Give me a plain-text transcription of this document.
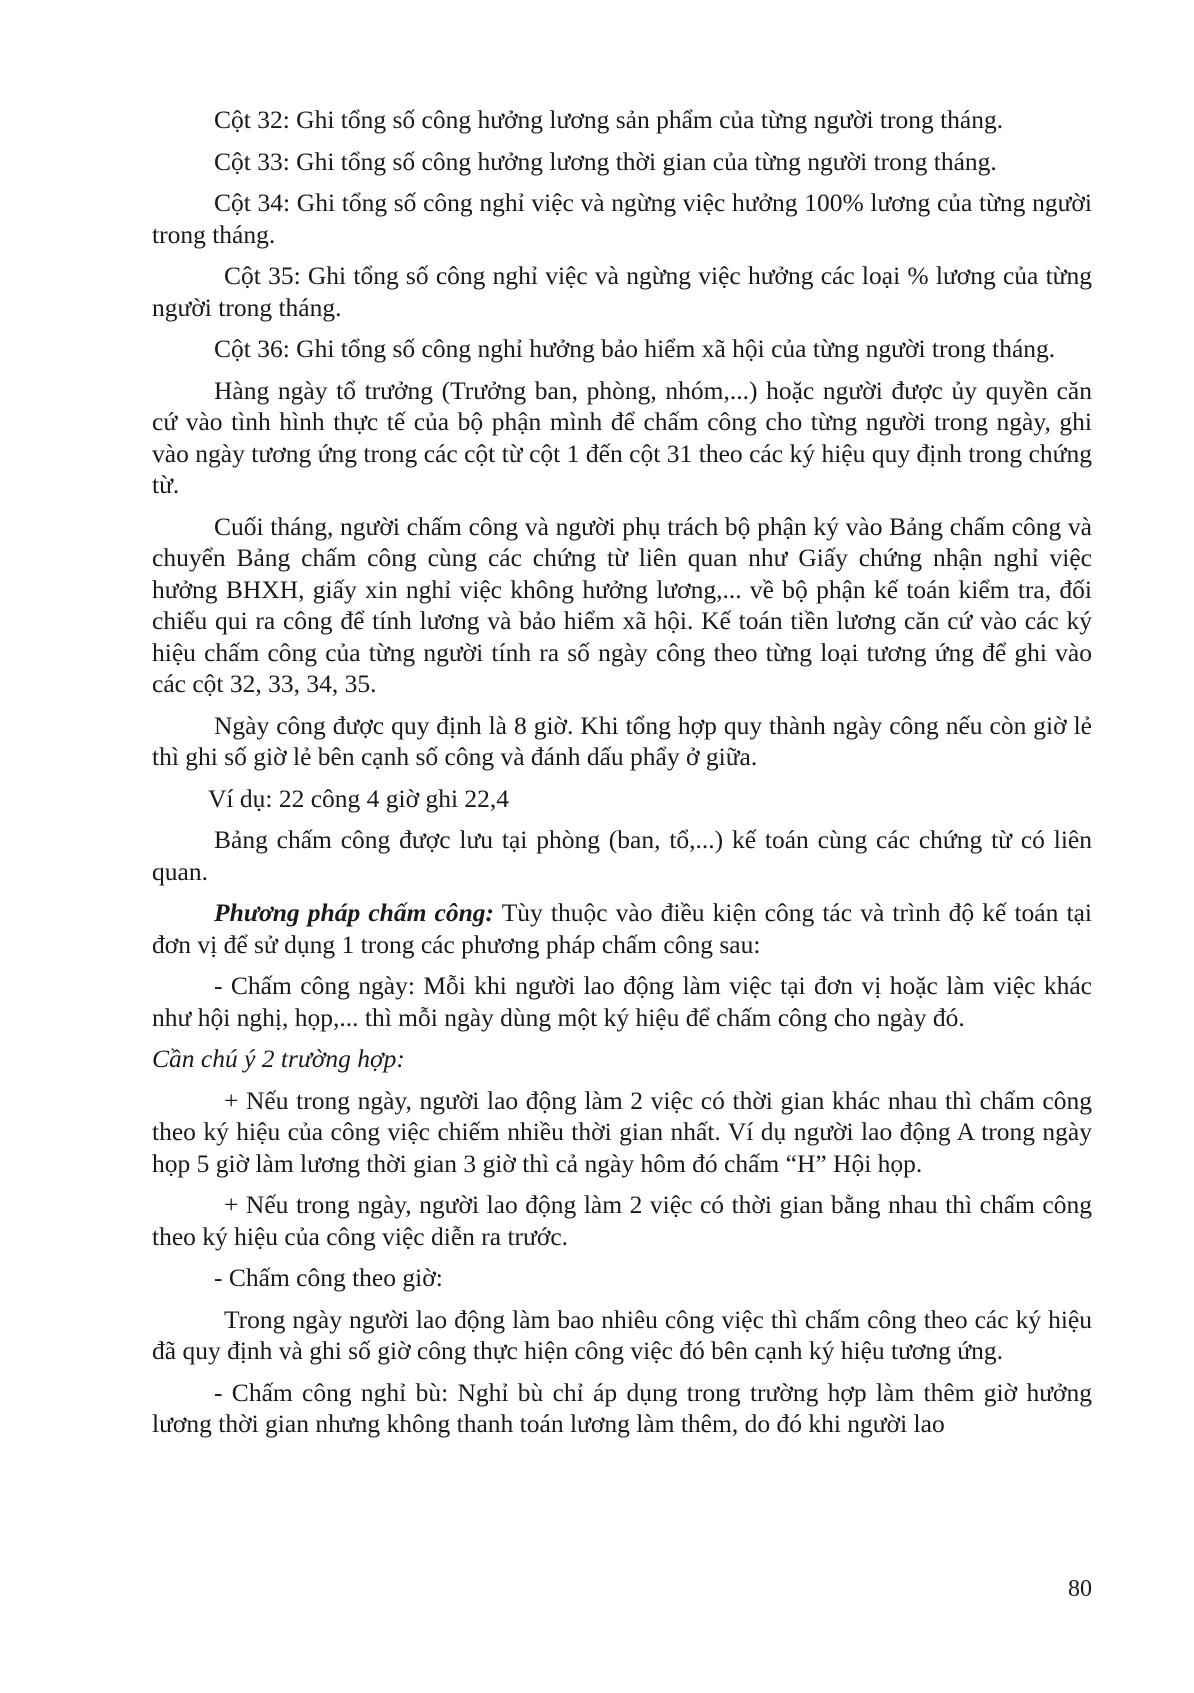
Cột 32: Ghi tổng số công hưởng lương sản phẩm của từng người trong tháng.

Cột 33: Ghi tổng số công hưởng lương thời gian của từng người trong tháng.

Cột 34: Ghi tổng số công nghỉ việc và ngừng việc hưởng 100% lương của từng người trong tháng.

Cột 35: Ghi tổng số công nghỉ việc và ngừng việc hưởng các loại % lương của từng người trong tháng.

Cột 36: Ghi tổng số công nghỉ hưởng bảo hiểm xã hội của từng người trong tháng.

Hàng ngày tổ trưởng (Trưởng ban, phòng, nhóm,...) hoặc người được ủy quyền căn cứ vào tình hình thực tế của bộ phận mình để chấm công cho từng người trong ngày, ghi vào ngày tương ứng trong các cột từ cột 1 đến cột 31 theo các ký hiệu quy định trong chứng từ.

Cuối tháng, người chấm công và người phụ trách bộ phận ký vào Bảng chấm công và chuyển Bảng chấm công cùng các chứng từ liên quan như Giấy chứng nhận nghỉ việc hưởng BHXH, giấy xin nghỉ việc không hưởng lương,... về bộ phận kế toán kiểm tra, đối chiếu qui ra công để tính lương và bảo hiểm xã hội. Kế toán tiền lương căn cứ vào các ký hiệu chấm công của từng người tính ra số ngày công theo từng loại tương ứng để ghi vào các cột 32, 33, 34, 35.

Ngày công được quy định là 8 giờ. Khi tổng hợp quy thành ngày công nếu còn giờ lẻ thì ghi số giờ lẻ bên cạnh số công và đánh dấu phẩy ở giữa.

Ví dụ: 22 công 4 giờ ghi 22,4

Bảng chấm công được lưu tại phòng (ban, tổ,...) kế toán cùng các chứng từ có liên quan.

Phương pháp chấm công: Tùy thuộc vào điều kiện công tác và trình độ kế toán tại đơn vị để sử dụng 1 trong các phương pháp chấm công sau:

- Chấm công ngày: Mỗi khi người lao động làm việc tại đơn vị hoặc làm việc khác như hội nghị, họp,... thì mỗi ngày dùng một ký hiệu để chấm công cho ngày đó.

Cần chú ý 2 trường hợp:

+ Nếu trong ngày, người lao động làm 2 việc có thời gian khác nhau thì chấm công theo ký hiệu của công việc chiếm nhiều thời gian nhất. Ví dụ người lao động A trong ngày họp 5 giờ làm lương thời gian 3 giờ thì cả ngày hôm đó chấm “H” Hội họp.

+ Nếu trong ngày, người lao động làm 2 việc có thời gian bằng nhau thì chấm công theo ký hiệu của công việc diễn ra trước.

- Chấm công theo giờ:

Trong ngày người lao động làm bao nhiêu công việc thì chấm công theo các ký hiệu đã quy định và ghi số giờ công thực hiện công việc đó bên cạnh ký hiệu tương ứng.

- Chấm công nghỉ bù: Nghỉ bù chỉ áp dụng trong trường hợp làm thêm giờ hưởng lương thời gian nhưng không thanh toán lương làm thêm, do đó khi người lao

80
